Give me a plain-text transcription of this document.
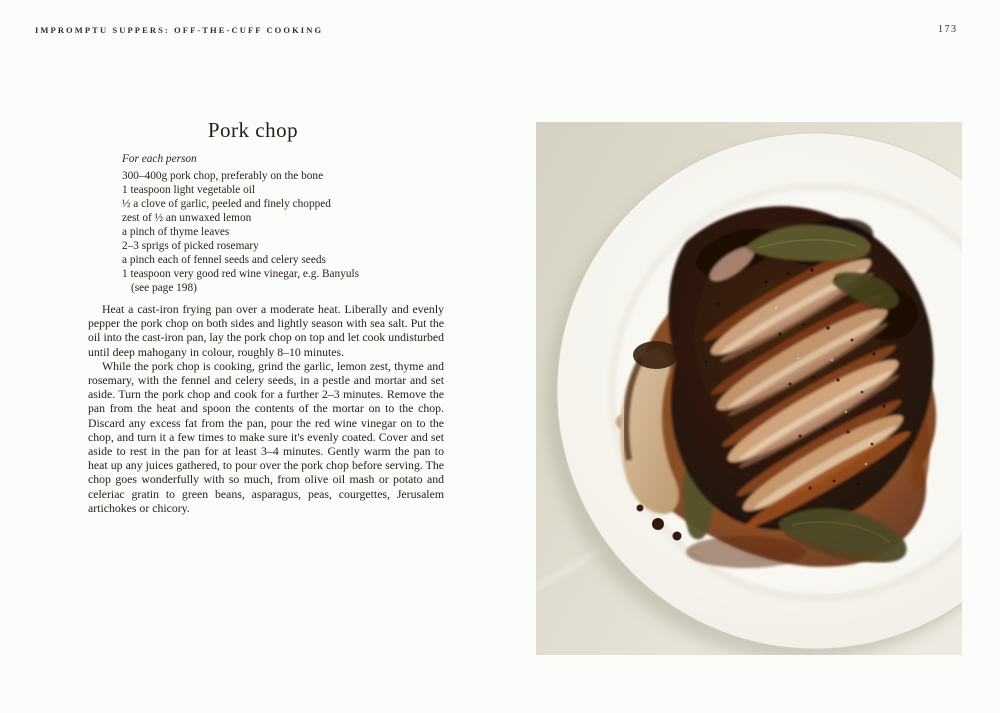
IMPROMPTU SUPPERS: OFF-THE-CUFF COOKING	173
Pork chop
For each person
300–400g pork chop, preferably on the bone
1 teaspoon light vegetable oil
½ a clove of garlic, peeled and finely chopped
zest of ½ an unwaxed lemon
a pinch of thyme leaves
2–3 sprigs of picked rosemary
a pinch each of fennel seeds and celery seeds
1 teaspoon very good red wine vinegar, e.g. Banyuls
(see page 198)

Heat a cast-iron frying pan over a moderate heat. Liberally and evenly pepper the pork chop on both sides and lightly season with sea salt. Put the oil into the cast-iron pan, lay the pork chop on top and let cook undisturbed until deep mahogany in colour, roughly 8–10 minutes.

While the pork chop is cooking, grind the garlic, lemon zest, thyme and rosemary, with the fennel and celery seeds, in a pestle and mortar and set aside. Turn the pork chop and cook for a further 2–3 minutes. Remove the pan from the heat and spoon the contents of the mortar on to the chop. Discard any excess fat from the pan, pour the red wine vinegar on to the chop, and turn it a few times to make sure it's evenly coated. Cover and set aside to rest in the pan for at least 3–4 minutes. Gently warm the pan to heat up any juices gathered, to pour over the pork chop before serving. The chop goes wonderfully with so much, from olive oil mash or potato and celeriac gratin to green beans, asparagus, peas, courgettes, Jerusalem artichokes or chicory.
